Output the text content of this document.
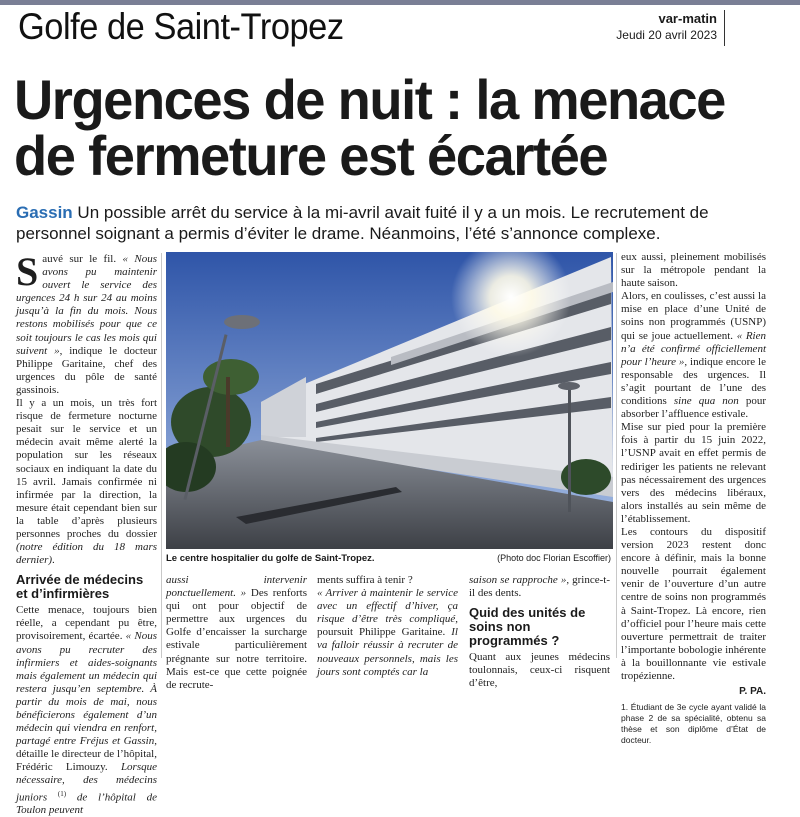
Golfe de Saint-Tropez	var-matin
Jeudi 20 avril 2023
Urgences de nuit : la menace
de fermeture est écartée
Gassin Un possible arrêt du service à la mi-avril avait fuité il y a un mois. Le recrutement de personnel soignant a permis d’éviter le drame. Néanmoins, l’été s’annonce complexe.

Sauvé sur le fil. « Nous avons pu maintenir ouvert le service des urgences 24 h sur 24 au moins jusqu’à la fin du mois. Nous restons mobilisés pour que ce soit toujours le cas les mois qui suivent », indique le docteur Philippe Garitaine, chef des urgences du pôle de santé gassinois.

Il y a un mois, un très fort risque de fermeture nocturne pesait sur le service et un médecin avait même alerté la population sur les réseaux sociaux en indiquant la date du 15 avril. Jamais confirmée ni infirmée par la direction, la mesure était cependant bien sur la table d’après plusieurs personnes proches du dossier (notre édition du 18 mars dernier).

Arrivée de médecins et d’infirmières

Cette menace, toujours bien réelle, a cependant pu être, provisoirement, écartée. « Nous avons pu recruter des infirmiers et aides-soignants mais également un médecin qui restera jusqu’en septembre. À partir du mois de mai, nous bénéficierons également d’un médecin qui viendra en renfort, partagé entre Fréjus et Gassin, détaille le directeur de l’hôpital, Frédéric Limouzy. Lorsque nécessaire, des médecins juniors $^{(1)}$ de l’hôpital de Toulon peuvent

Le centre hospitalier du golfe de Saint-Tropez.	(Photo doc Florian Escoffier)

aussi intervenir ponctuellement. » Des renforts qui ont pour objectif de permettre aux urgences du Golfe d’encaisser la surcharge estivale particulièrement prégnante sur notre territoire. Mais est-ce que cette poignée de recrute-

ments suffira à tenir ?

« Arriver à maintenir le service avec un effectif d’hiver, ça risque d’être très compliqué, poursuit Philippe Garitaine. Il va falloir réussir à recruter de nouveaux personnels, mais les jours sont comptés car la

saison se rapproche », grince-t-il des dents.

Quid des unités de soins non programmés ?

Quant aux jeunes médecins toulonnais, ceux-ci risquent d’être,

eux aussi, pleinement mobilisés sur la métropole pendant la haute saison.

Alors, en coulisses, c’est aussi la mise en place d’une Unité de soins non programmés (USNP) qui se joue actuellement. « Rien n’a été confirmé officiellement pour l’heure », indique encore le responsable des urgences. Il s’agit pourtant de l’une des conditions sine qua non pour absorber l’affluence estivale.

Mise sur pied pour la première fois à partir du 15 juin 2022, l’USNP avait en effet permis de rediriger les patients ne relevant pas nécessairement des urgences vers des médecins libéraux, alors installés au sein même de l’établissement.

Les contours du dispositif version 2023 restent donc encore à définir, mais la bonne nouvelle pourrait également venir de l’ouverture d’un autre centre de soins non programmés à Saint-Tropez. Là encore, rien d’officiel pour l’heure mais cette ouverture permettrait de traiter l’importante bobologie inhérente à la bouillonnante vie estivale tropézienne.

P. PA.
1. Étudiant de 3e cycle ayant validé la phase 2 de sa spécialité, obtenu sa thèse et son diplôme d’État de docteur.
